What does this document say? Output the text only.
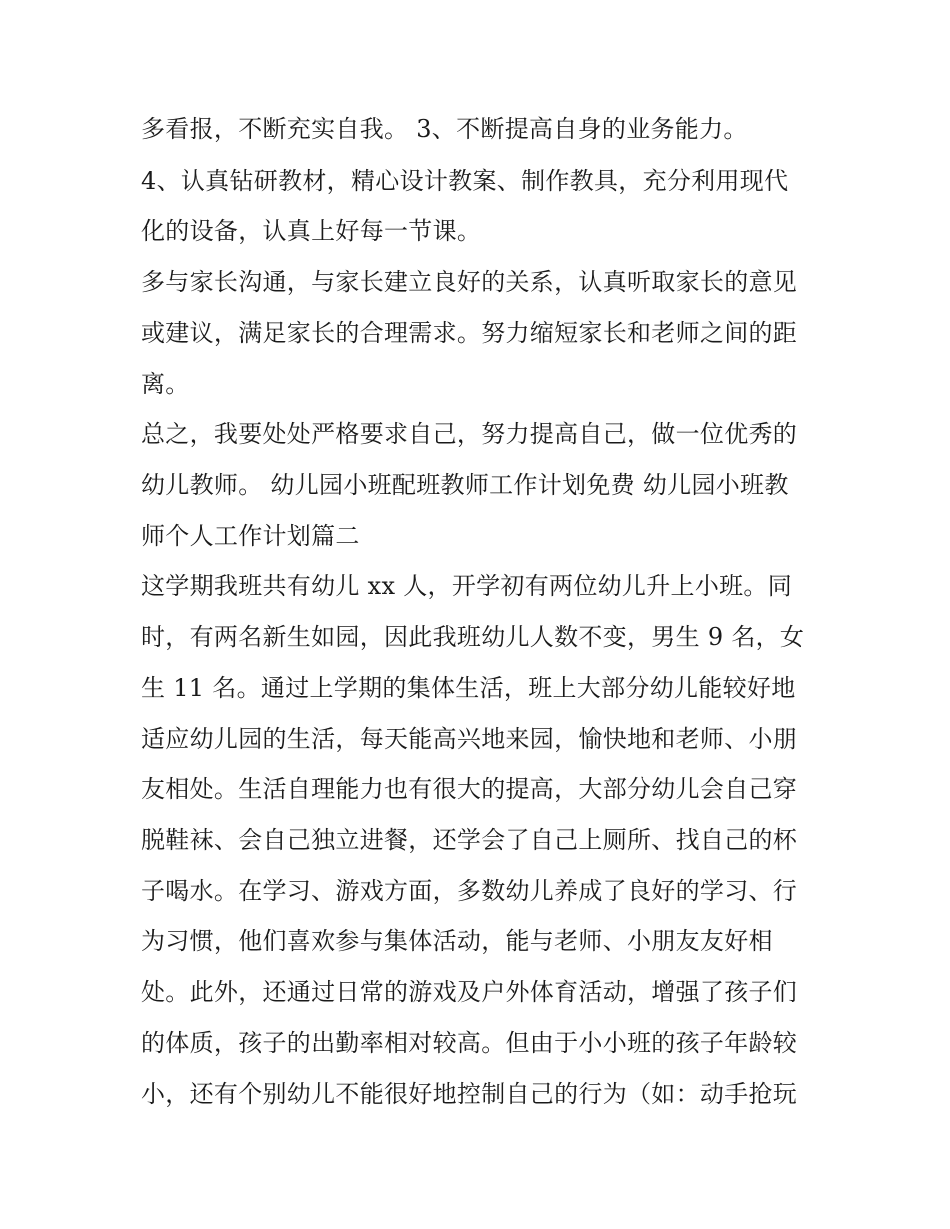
多看报，不断充实自我。 3、不断提高自身的业务能力。
4、认真钻研教材，精心设计教案、制作教具，充分利用现代
化的设备，认真上好每一节课。
多与家长沟通，与家长建立良好的关系，认真听取家长的意见
或建议，满足家长的合理需求。努力缩短家长和老师之间的距
离。
总之，我要处处严格要求自己，努力提高自己，做一位优秀的
幼儿教师。 幼儿园小班配班教师工作计划免费 幼儿园小班教
师个人工作计划篇二
这学期我班共有幼儿 xx 人，开学初有两位幼儿升上小班。同
时，有两名新生如园，因此我班幼儿人数不变，男生 9 名，女
生 11 名。通过上学期的集体生活，班上大部分幼儿能较好地
适应幼儿园的生活，每天能高兴地来园，愉快地和老师、小朋
友相处。生活自理能力也有很大的提高，大部分幼儿会自己穿
脱鞋袜、会自己独立进餐，还学会了自己上厕所、找自己的杯
子喝水。在学习、游戏方面，多数幼儿养成了良好的学习、行
为习惯，他们喜欢参与集体活动，能与老师、小朋友友好相
处。此外，还通过日常的游戏及户外体育活动，增强了孩子们
的体质，孩子的出勤率相对较高。但由于小小班的孩子年龄较
小，还有个别幼儿不能很好地控制自己的行为（如：动手抢玩
